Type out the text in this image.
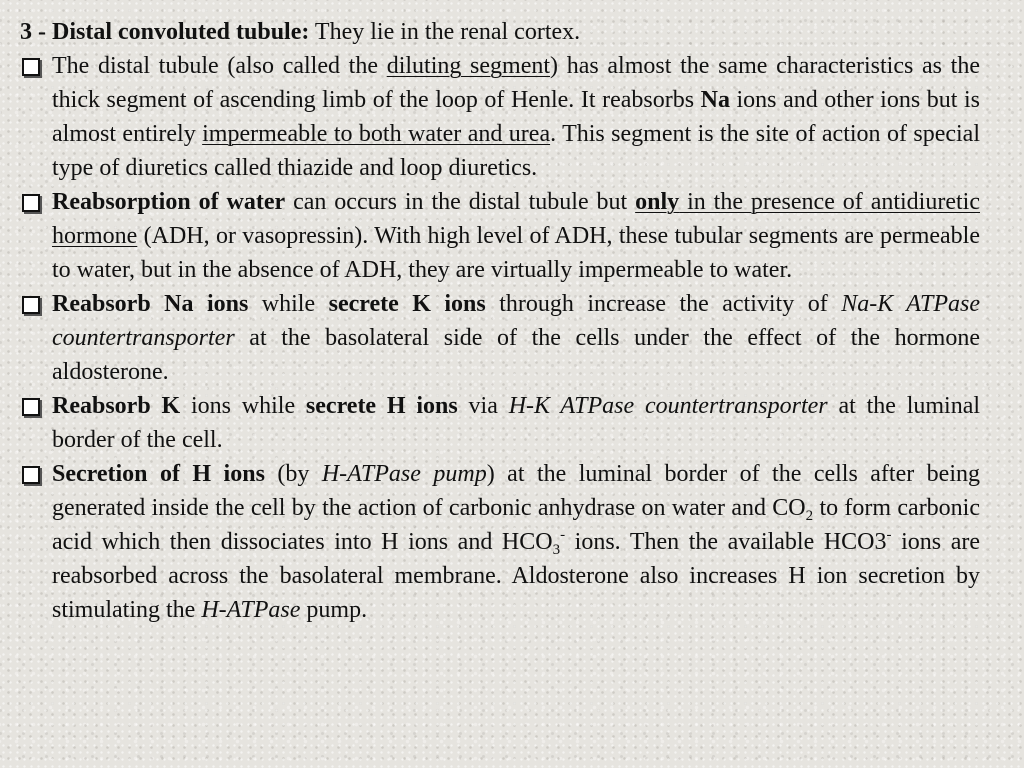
3 - Distal convoluted tubule: They lie in the renal cortex.

The distal tubule (also called the diluting segment) has almost the same characteristics as the thick segment of ascending limb of the loop of Henle. It reabsorbs Na ions and other ions but is almost entirely impermeable to both water and urea. This segment is the site of action of special type of diuretics called thiazide and loop diuretics.

Reabsorption of water can occurs in the distal tubule but only in the presence of antidiuretic hormone (ADH, or vasopressin). With high level of ADH, these tubular segments are permeable to water, but in the absence of ADH, they are virtually impermeable to water.

Reabsorb Na ions while secrete K ions through increase the activity of Na-K ATPase countertransporter at the basolateral side of the cells under the effect of the hormone aldosterone.

Reabsorb K ions while secrete H ions via H-K ATPase countertransporter at the luminal border of the cell.

Secretion of H ions (by H-ATPase pump) at the luminal border of the cells after being generated inside the cell by the action of carbonic anhydrase on water and $CO_2$ to form carbonic acid which then dissociates into H ions and $HCO_3^-$ ions. Then the available HCO3- ions are reabsorbed across the basolateral membrane. Aldosterone also increases H ion secretion by stimulating the H-ATPase pump.
